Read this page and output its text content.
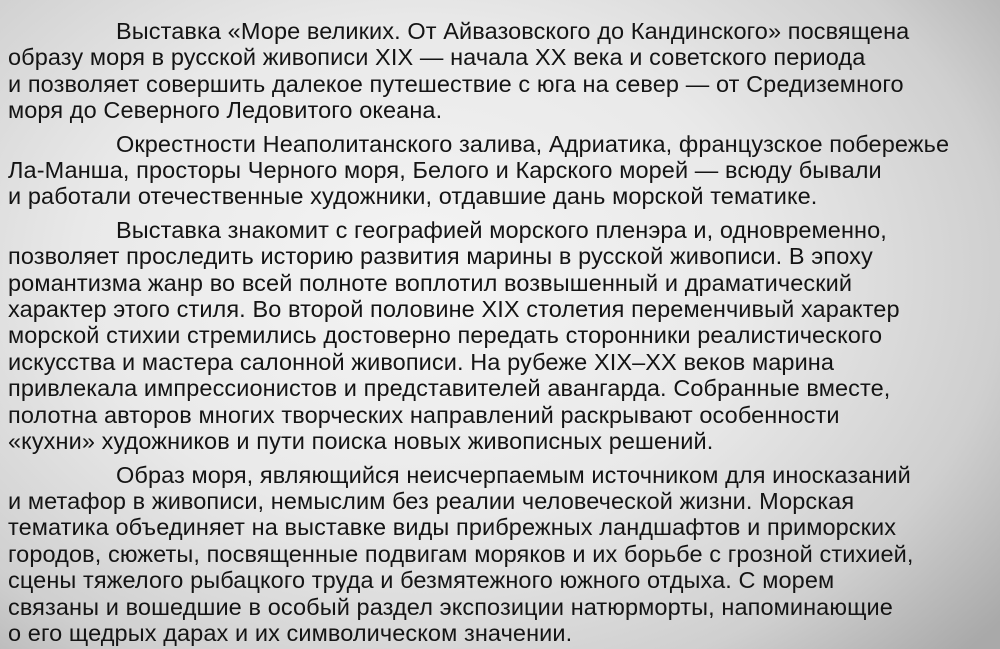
Выставка «Море великих. От Айвазовского до Кандинского» посвящена
образу моря в русской живописи XIX — начала XX века и советского периода
и позволяет совершить далекое путешествие с юга на север — от Средиземного
моря до Северного Ледовитого океана.

Окрестности Неаполитанского залива, Адриатика, французское побережье
Ла-Манша, просторы Черного моря, Белого и Карского морей — всюду бывали
и работали отечественные художники, отдавшие дань морской тематике.

Выставка знакомит с географией морского пленэра и, одновременно,
позволяет проследить историю развития марины в русской живописи. В эпоху
романтизма жанр во всей полноте воплотил возвышенный и драматический
характер этого стиля. Во второй половине XIX столетия переменчивый характер
морской стихии стремились достоверно передать сторонники реалистического
искусства и мастера салонной живописи. На рубеже XIX–XX веков марина
привлекала импрессионистов и представителей авангарда. Собранные вместе,
полотна авторов многих творческих направлений раскрывают особенности
«кухни» художников и пути поиска новых живописных решений.

Образ моря, являющийся неисчерпаемым источником для иносказаний
и метафор в живописи, немыслим без реалии человеческой жизни. Морская
тематика объединяет на выставке виды прибрежных ландшафтов и приморских
городов, сюжеты, посвященные подвигам моряков и их борьбе с грозной стихией,
сцены тяжелого рыбацкого труда и безмятежного южного отдыха. С морем
связаны и вошедшие в особый раздел экспозиции натюрморты, напоминающие
о его щедрых дарах и их символическом значении.
